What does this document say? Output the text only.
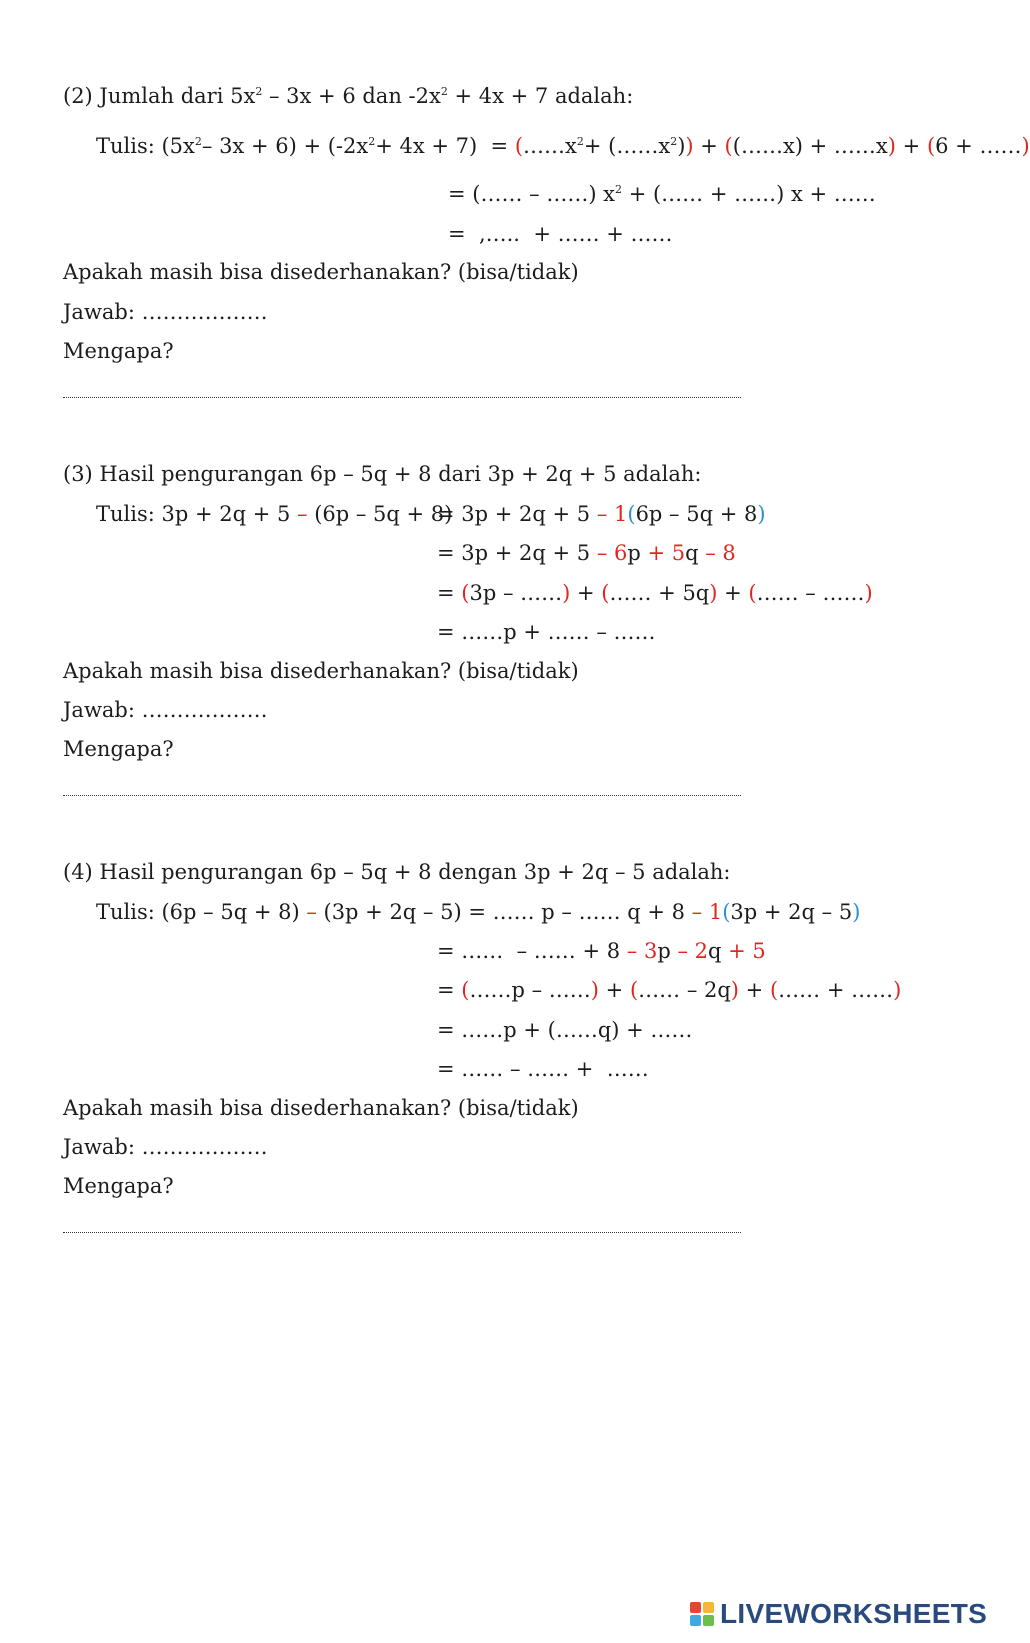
(2) Jumlah dari $5x^2 - 3x + 6$ dan $-2x^2 + 4x + 7$ adalah:
Tulis: ($5x^2-$ $3x + 6) + (-2x^2+ 4x + 7)$  = ($\dots\dots x^2+$ $(\dots\dots x^2)$) + ((……x) + ……x) + (6 + ……)
= (…… – ……) $x^2$ + (…… + ……) x + ……
=  ,…..  + …… + ……
Apakah masih bisa disederhanakan? (bisa/tidak)
Jawab: ………………
Mengapa?
(3) Hasil pengurangan 6p – 5q + 8 dari 3p + 2q + 5 adalah:
Tulis: 3p + 2q + 5 – (6p – 5q + 8)
= 3p + 2q + 5 – 1(6p – 5q + 8)
= 3p + 2q + 5 – 6p + 5q – 8
= (3p – ……) + (…… + 5q) + (…… – ……)
= ……p + …… – ……
Apakah masih bisa disederhanakan? (bisa/tidak)
Jawab: ………………
Mengapa?
(4) Hasil pengurangan 6p – 5q + 8 dengan 3p + 2q – 5 adalah:
Tulis: (6p – 5q + 8) – (3p + 2q – 5) = …… p – …… q + 8 – 1(3p + 2q – 5)
= ……  – …… + 8 – 3p – 2q + 5
= (……p – ……) + (…… – 2q) + (…… + ……)
= ……p + (……q) + ……
= …… – …… +  ……
Apakah masih bisa disederhanakan? (bisa/tidak)
Jawab: ………………
Mengapa?
LIVEWORKSHEETS
